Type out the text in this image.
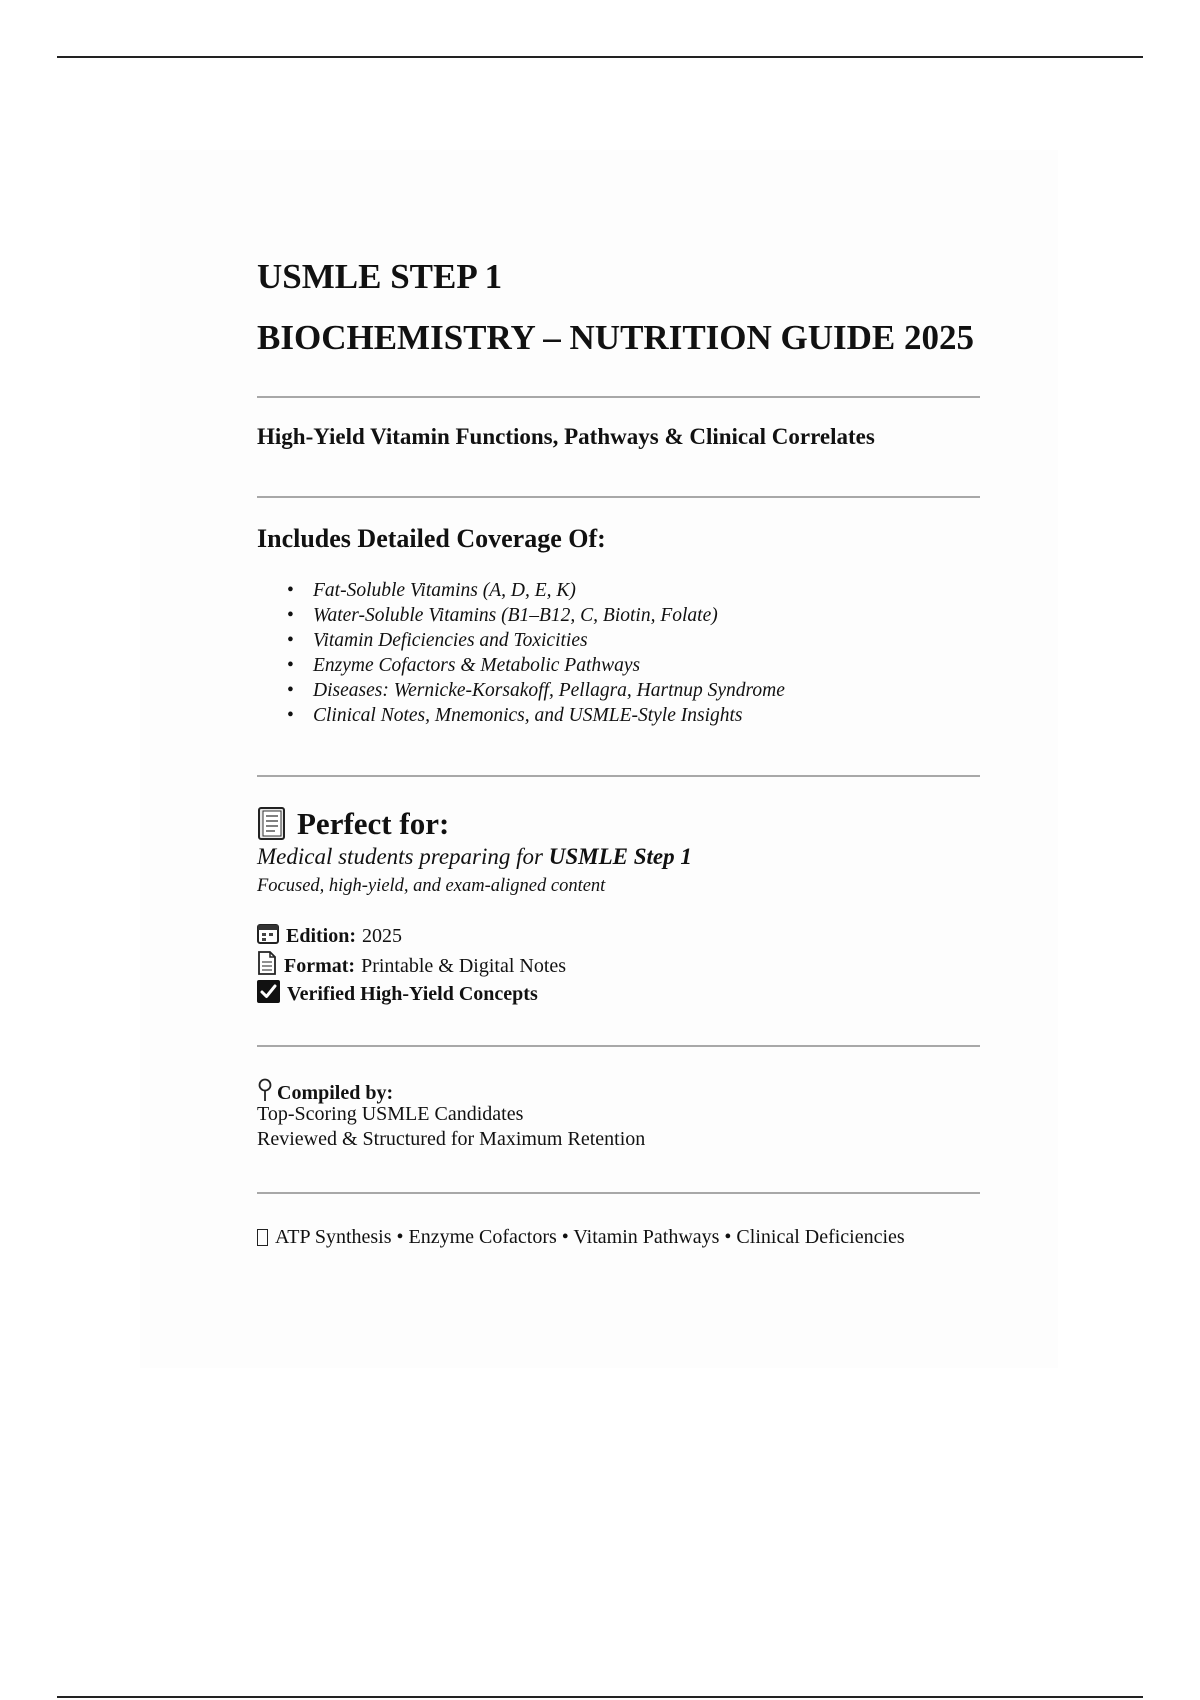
USMLE STEP 1
BIOCHEMISTRY – NUTRITION GUIDE 2025
High-Yield Vitamin Functions, Pathways & Clinical Correlates
Includes Detailed Coverage Of:
• Fat-Soluble Vitamins (A, D, E, K)
• Water-Soluble Vitamins (B1–B12, C, Biotin, Folate)
• Vitamin Deficiencies and Toxicities
• Enzyme Cofactors & Metabolic Pathways
• Diseases: Wernicke-Korsakoff, Pellagra, Hartnup Syndrome
• Clinical Notes, Mnemonics, and USMLE-Style Insights
Perfect for:
Medical students preparing for USMLE Step 1
Focused, high-yield, and exam-aligned content
Edition: 2025
Format: Printable & Digital Notes
Verified High-Yield Concepts
Compiled by:
Top-Scoring USMLE Candidates
Reviewed & Structured for Maximum Retention
ATP Synthesis • Enzyme Cofactors • Vitamin Pathways • Clinical Deficiencies
